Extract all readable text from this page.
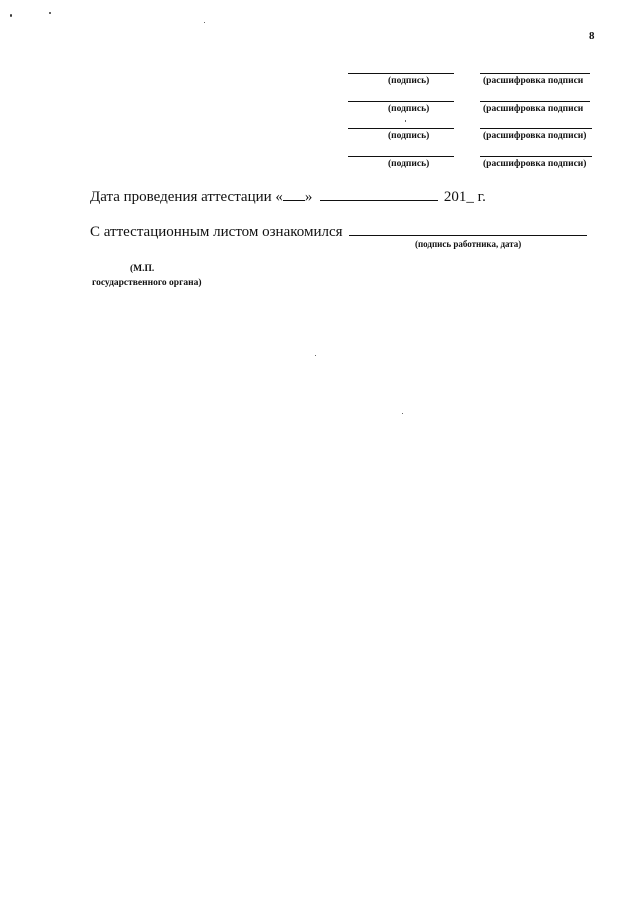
8
(подпись)	(расшифровка подписи
(подпись)	(расшифровка подписи
(подпись)	(расшифровка подписи)
(подпись)	(расшифровка подписи)
Дата проведения аттестации « »	201_ г.
С аттестационным листом ознакомился
(подпись работника, дата)
(М.П.
государственного органа)
